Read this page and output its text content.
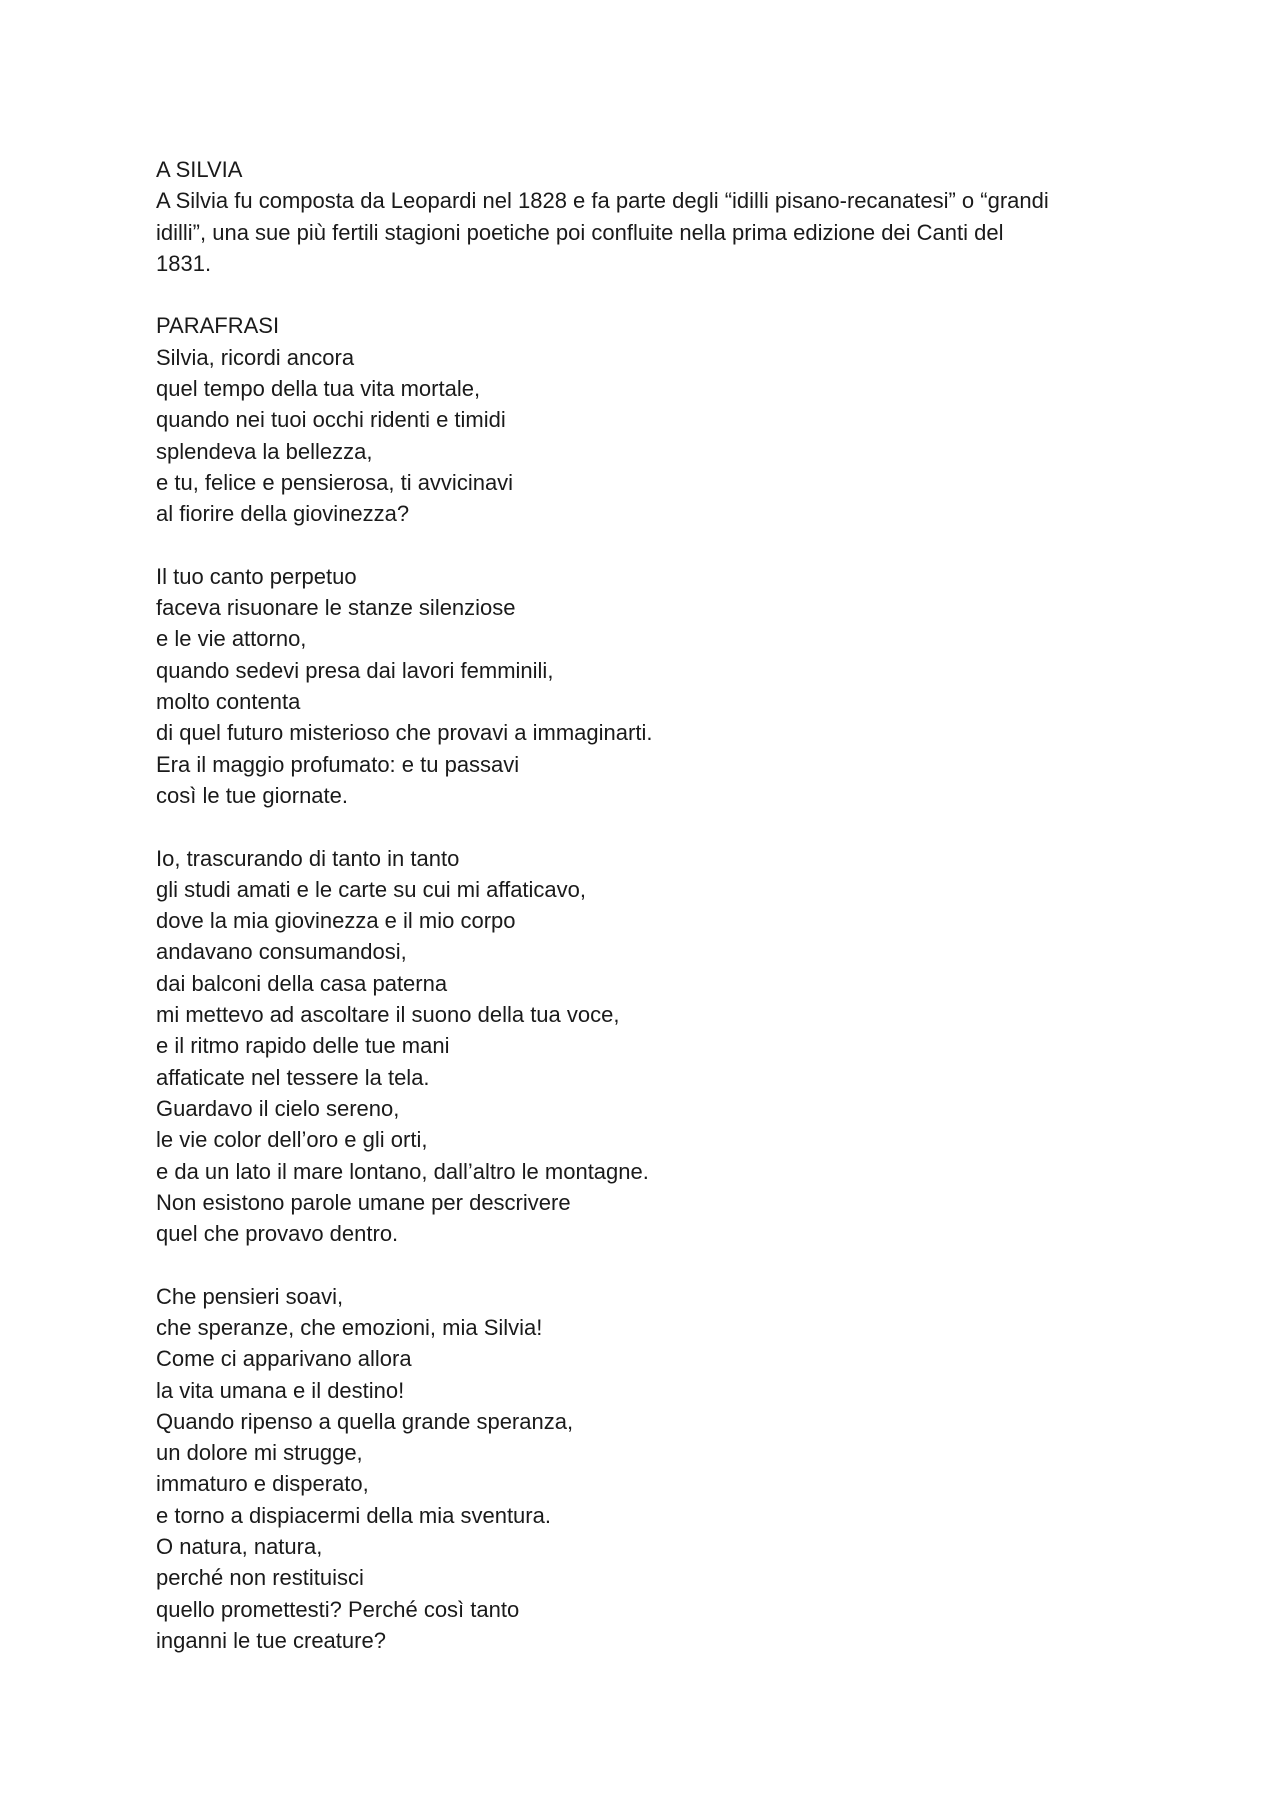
A SILVIA
A Silvia fu composta da Leopardi nel 1828 e fa parte degli “idilli pisano-recanatesi” o “grandi
idilli”, una sue più fertili stagioni poetiche poi confluite nella prima edizione dei Canti del
1831.
PARAFRASI
Silvia, ricordi ancora
quel tempo della tua vita mortale,
quando nei tuoi occhi ridenti e timidi
splendeva la bellezza,
e tu, felice e pensierosa, ti avvicinavi
al fiorire della giovinezza?
Il tuo canto perpetuo
faceva risuonare le stanze silenziose
e le vie attorno,
quando sedevi presa dai lavori femminili,
molto contenta
di quel futuro misterioso che provavi a immaginarti.
Era il maggio profumato: e tu passavi
così le tue giornate.
Io, trascurando di tanto in tanto
gli studi amati e le carte su cui mi affaticavo,
dove la mia giovinezza e il mio corpo
andavano consumandosi,
dai balconi della casa paterna
mi mettevo ad ascoltare il suono della tua voce,
e il ritmo rapido delle tue mani
affaticate nel tessere la tela.
Guardavo il cielo sereno,
le vie color dell’oro e gli orti,
e da un lato il mare lontano, dall’altro le montagne.
Non esistono parole umane per descrivere
quel che provavo dentro.
Che pensieri soavi,
che speranze, che emozioni, mia Silvia!
Come ci apparivano allora
la vita umana e il destino!
Quando ripenso a quella grande speranza,
un dolore mi strugge,
immaturo e disperato,
e torno a dispiacermi della mia sventura.
O natura, natura,
perché non restituisci
quello promettesti? Perché così tanto
inganni le tue creature?
